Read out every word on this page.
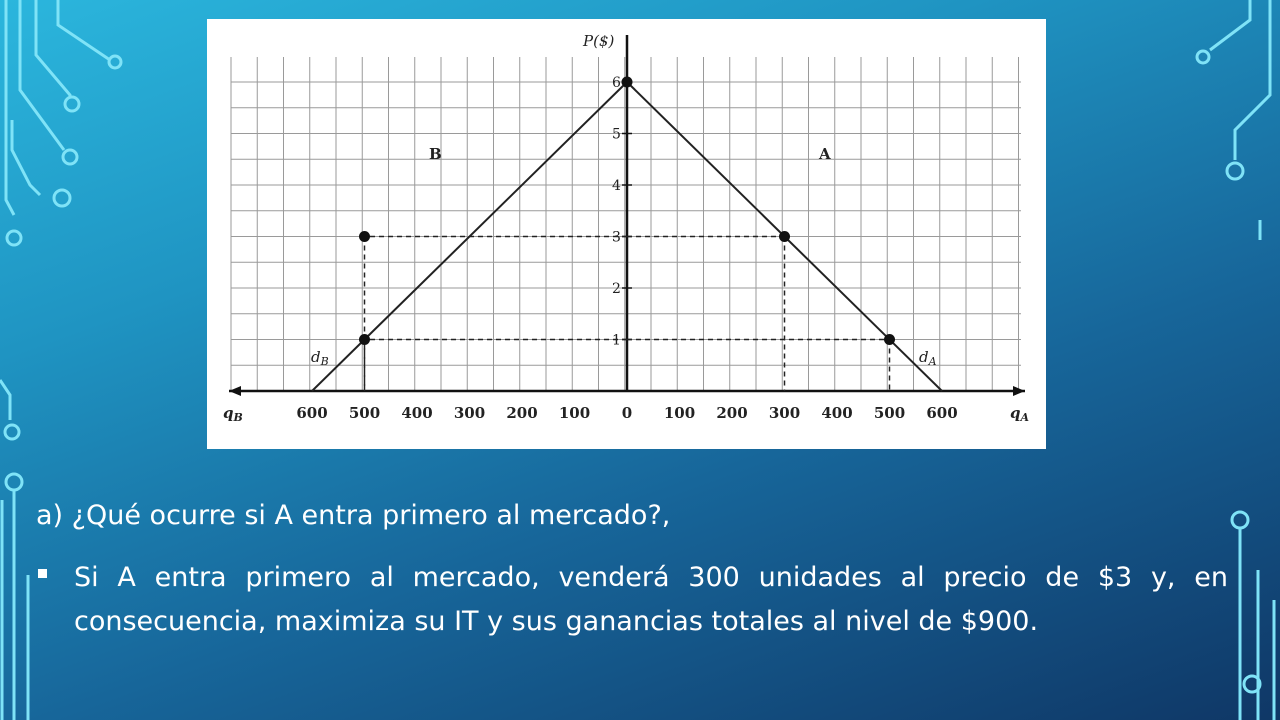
P($)
1
2
3
4
5
6
600 500 400 300 200 100 0 100 200 300 400 500 600
$q_B$	$q_A$
B	A
$d_A$
$d_B$
a) ¿Qué ocurre si A entra primero al mercado?,
Si A entra primero al mercado, venderá 300 unidades al precio de $3 y, en consecuencia, maximiza su IT y sus ganancias totales al nivel de $900.
